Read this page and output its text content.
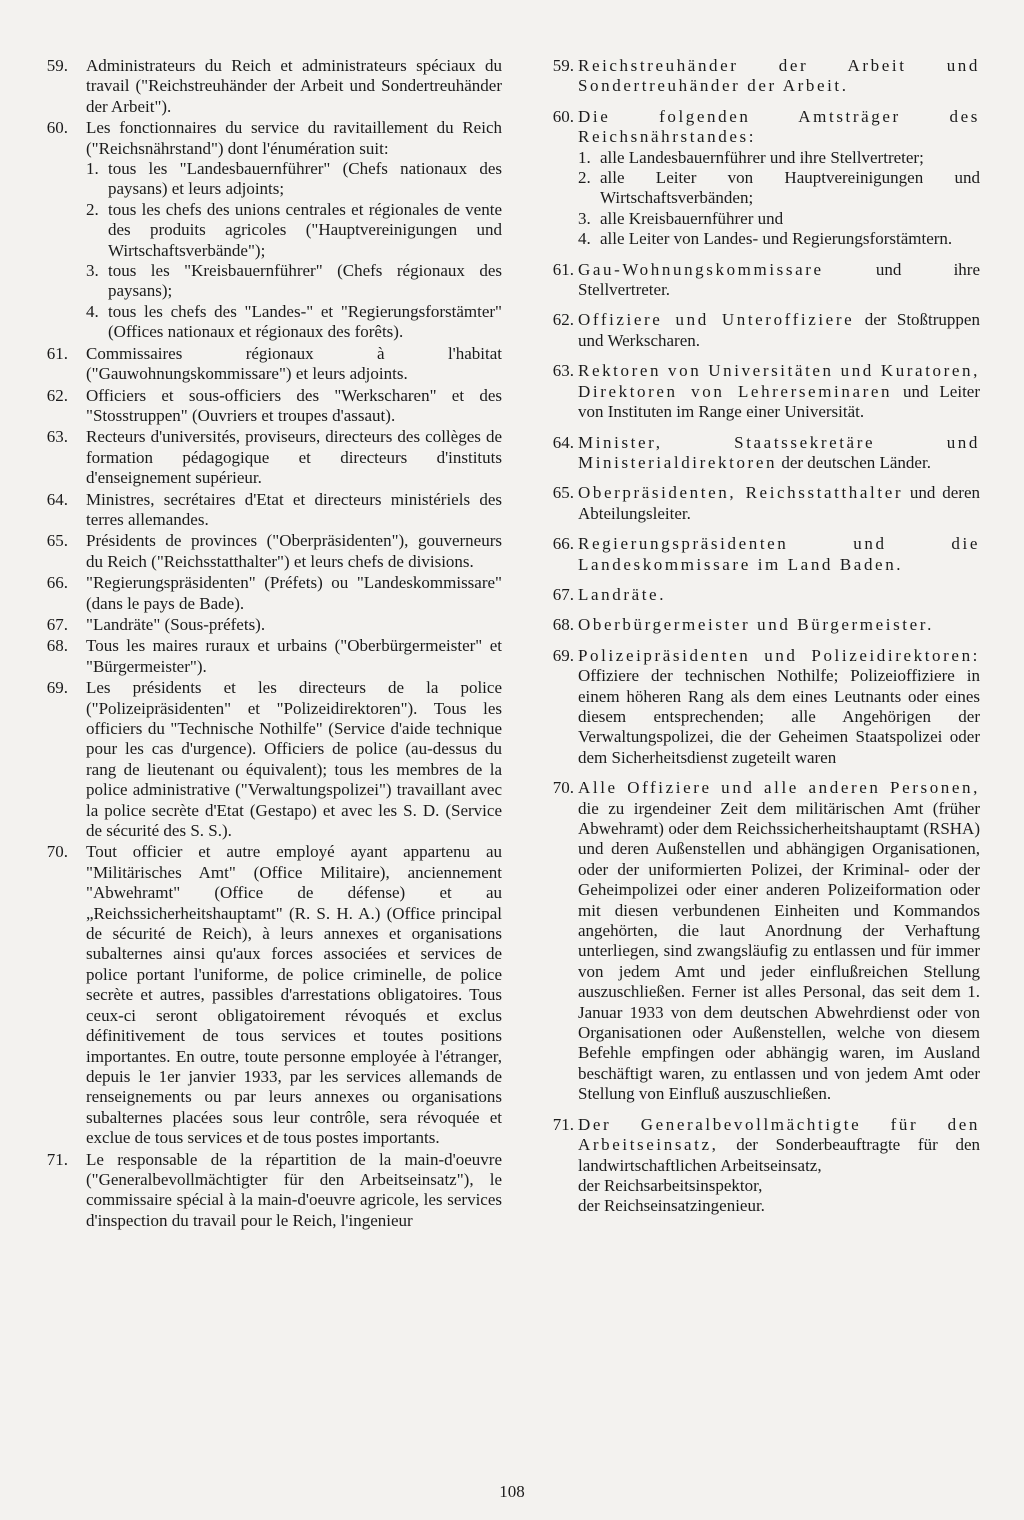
59. Administrateurs du Reich et administrateurs spéciaux du travail ("Reichstreuhänder der Arbeit und Sondertreuhänder der Arbeit").
60. Les fonctionnaires du service du ravitaillement du Reich ("Reichsnährstand") dont l'énumération suit:
1. tous les "Landesbauernführer" (Chefs nationaux des paysans) et leurs adjoints;
2. tous les chefs des unions centrales et régionales de vente des produits agricoles ("Hauptvereinigungen und Wirtschaftsverbände");
3. tous les "Kreisbauernführer" (Chefs régionaux des paysans);
4. tous les chefs des "Landes-" et "Regierungsforstämter" (Offices nationaux et régionaux des forêts).
61. Commissaires régionaux à l'habitat ("Gauwohnungskommissare") et leurs adjoints.
62. Officiers et sous-officiers des "Werkscharen" et des "Stosstruppen" (Ouvriers et troupes d'assaut).
63. Recteurs d'universités, proviseurs, directeurs des collèges de formation pédagogique et directeurs d'instituts d'enseignement supérieur.
64. Ministres, secrétaires d'Etat et directeurs ministériels des terres allemandes.
65. Présidents de provinces ("Oberpräsidenten"), gouverneurs du Reich ("Reichsstatthalter") et leurs chefs de divisions.
66. "Regierungspräsidenten" (Préfets) ou "Landeskommissare" (dans le pays de Bade).
67. "Landräte" (Sous-préfets).
68. Tous les maires ruraux et urbains ("Oberbürgermeister" et "Bürgermeister").
69. Les présidents et les directeurs de la police ("Polizeipräsidenten" et "Polizeidirektoren"). Tous les officiers du "Technische Nothilfe" (Service d'aide technique pour les cas d'urgence). Officiers de police (au-dessus du rang de lieutenant ou équivalent); tous les membres de la police administrative ("Verwaltungspolizei") travaillant avec la police secrète d'Etat (Gestapo) et avec les S. D. (Service de sécurité des S. S.).
70. Tout officier et autre employé ayant appartenu au "Militärisches Amt" (Office Militaire), anciennement "Abwehramt" (Office de défense) et au „Reichssicherheitshauptamt" (R. S. H. A.) (Office principal de sécurité de Reich), à leurs annexes et organisations subalternes ainsi qu'aux forces associées et services de police portant l'uniforme, de police criminelle, de police secrète et autres, passibles d'arrestations obligatoires. Tous ceux-ci seront obligatoirement révoqués et exclus définitivement de tous services et toutes positions importantes. En outre, toute personne employée à l'étranger, depuis le 1er janvier 1933, par les services allemands de renseignements ou par leurs annexes ou organisations subalternes placées sous leur contrôle, sera révoquée et exclue de tous services et de tous postes importants.
71. Le responsable de la répartition de la main-d'oeuvre ("Generalbevollmächtigter für den Arbeitseinsatz"), le commissaire spécial à la main-d'oeuvre agricole, les services d'inspection du travail pour le Reich, l'ingenieur
59. Reichstreuhänder der Arbeit und Sondertreuhänder der Arbeit.
60. Die folgenden Amtsträger des Reichsnährstandes:
1. alle Landesbauernführer und ihre Stellvertreter;
2. alle Leiter von Hauptvereinigungen und Wirtschaftsverbänden;
3. alle Kreisbauernführer und
4. alle Leiter von Landes- und Regierungsforstämtern.
61. Gau-Wohnungskommissare und ihre Stellvertreter.
62. Offiziere und Unteroffiziere der Stoßtruppen und Werkscharen.
63. Rektoren von Universitäten und Kuratoren, Direktoren von Lehrerseminaren und Leiter von Instituten im Range einer Universität.
64. Minister, Staatssekretäre und Ministerialdirektoren der deutschen Länder.
65. Oberpräsidenten, Reichsstatthalter und deren Abteilungsleiter.
66. Regierungspräsidenten und die Landeskommissare im Land Baden.
67. Landräte.
68. Oberbürgermeister und Bürgermeister.
69. Polizeipräsidenten und Polizeidirektoren: Offiziere der technischen Nothilfe; Polizeioffiziere in einem höheren Rang als dem eines Leutnants oder eines diesem entsprechenden; alle Angehörigen der Verwaltungspolizei, die der Geheimen Staatspolizei oder dem Sicherheitsdienst zugeteilt waren
70. Alle Offiziere und alle anderen Personen, die zu irgendeiner Zeit dem militärischen Amt (früher Abwehramt) oder dem Reichssicherheitshauptamt (RSHA) und deren Außenstellen und abhängigen Organisationen, oder der uniformierten Polizei, der Kriminal- oder der Geheimpolizei oder einer anderen Polizeiformation oder mit diesen verbundenen Einheiten und Kommandos angehörten, die laut Anordnung der Verhaftung unterliegen, sind zwangsläufig zu entlassen und für immer von jedem Amt und jeder einflußreichen Stellung auszuschließen. Ferner ist alles Personal, das seit dem 1. Januar 1933 von dem deutschen Abwehrdienst oder von Organisationen oder Außenstellen, welche von diesem Befehle empfingen oder abhängig waren, im Ausland beschäftigt waren, zu entlassen und von jedem Amt oder Stellung von Einfluß auszuschließen.
71. Der Generalbevollmächtigte für den Arbeitseinsatz, der Sonderbeauftragte für den landwirtschaftlichen Arbeitseinsatz,
der Reichsarbeitsinspektor,
der Reichseinsatzingenieur.
108
